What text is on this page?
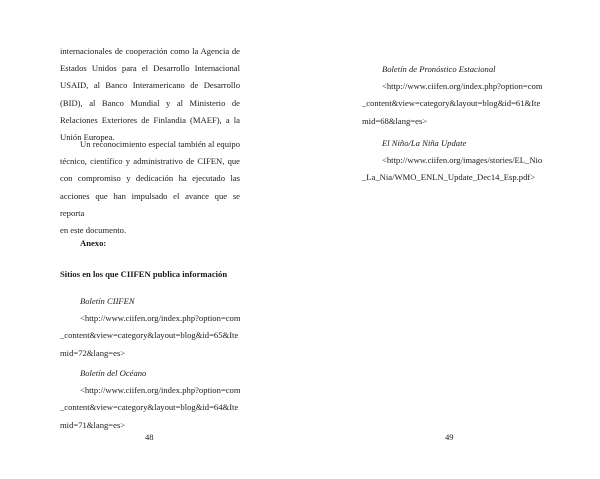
internacionales de cooperación como la Agencia de
Estados Unidos para el Desarrollo Internacional
USAID, al Banco Interamericano de Desarrollo
(BID), al Banco Mundial y al Ministerio de
Relaciones Exteriores de Finlandia (MAEF), a la
Unión Europea.
Un reconocimiento especial también al equipo
técnico, científico y administrativo de CIFEN, que
con compromiso y dedicación ha ejecutado las
acciones que han impulsado el avance que se reporta
en este documento.
Anexo:
Sitios en los que CIIFEN publica información
Boletín CIIFEN
<http://www.ciifen.org/index.php?option=com
_content&view=category&layout=blog&id=65&Ite
mid=72&lang=es>
Boletín del Océano
<http://www.ciifen.org/index.php?option=com
_content&view=category&layout=blog&id=64&Ite
mid=71&lang=es>
48
Boletín de Pronóstico Estacional
<http://www.ciifen.org/index.php?option=com
_content&view=category&layout=blog&id=61&Ite
mid=68&lang=es>
El Niño/La Niña Update
<http://www.ciifen.org/images/stories/EL_Nio
_La_Nia/WMO_ENLN_Update_Dec14_Esp.pdf>
49
